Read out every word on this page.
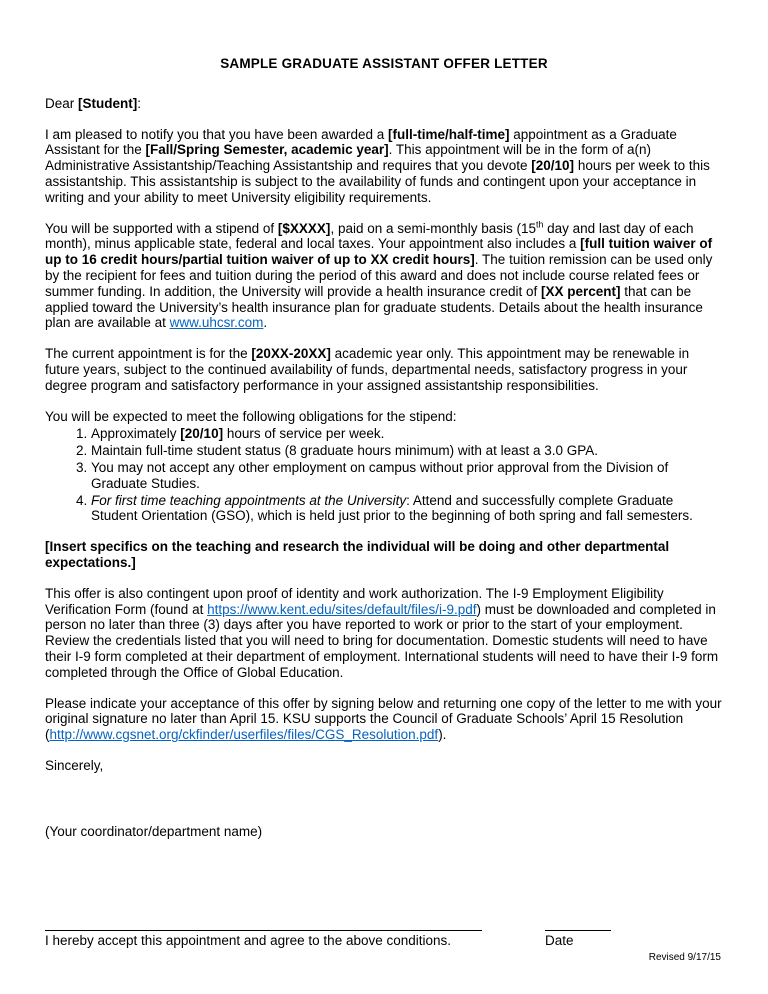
SAMPLE GRADUATE ASSISTANT OFFER LETTER

Dear [Student]:

I am pleased to notify you that you have been awarded a [full-time/half-time] appointment as a Graduate Assistant for the [Fall/Spring Semester, academic year]. This appointment will be in the form of a(n) Administrative Assistantship/Teaching Assistantship and requires that you devote [20/10] hours per week to this assistantship. This assistantship is subject to the availability of funds and contingent upon your acceptance in writing and your ability to meet University eligibility requirements.

You will be supported with a stipend of [$XXXX], paid on a semi-monthly basis (15th day and last day of each month), minus applicable state, federal and local taxes. Your appointment also includes a [full tuition waiver of up to 16 credit hours/partial tuition waiver of up to XX credit hours]. The tuition remission can be used only by the recipient for fees and tuition during the period of this award and does not include course related fees or summer funding. In addition, the University will provide a health insurance credit of [XX percent] that can be applied toward the University’s health insurance plan for graduate students. Details about the health insurance plan are available at www.uhcsr.com.

The current appointment is for the [20XX-20XX] academic year only. This appointment may be renewable in future years, subject to the continued availability of funds, departmental needs, satisfactory progress in your degree program and satisfactory performance in your assigned assistantship responsibilities.

You will be expected to meet the following obligations for the stipend:

1. Approximately [20/10] hours of service per week.
2. Maintain full-time student status (8 graduate hours minimum) with at least a 3.0 GPA.
3. You may not accept any other employment on campus without prior approval from the Division of Graduate Studies.
4. For first time teaching appointments at the University: Attend and successfully complete Graduate Student Orientation (GSO), which is held just prior to the beginning of both spring and fall semesters.

[Insert specifics on the teaching and research the individual will be doing and other departmental expectations.]

This offer is also contingent upon proof of identity and work authorization. The I-9 Employment Eligibility Verification Form (found at https://www.kent.edu/sites/default/files/i-9.pdf) must be downloaded and completed in person no later than three (3) days after you have reported to work or prior to the start of your employment. Review the credentials listed that you will need to bring for documentation. Domestic students will need to have their I-9 form completed at their department of employment. International students will need to have their I-9 form completed through the Office of Global Education.

Please indicate your acceptance of this offer by signing below and returning one copy of the letter to me with your original signature no later than April 15. KSU supports the Council of Graduate Schools’ April 15 Resolution (http://www.cgsnet.org/ckfinder/userfiles/files/CGS_Resolution.pdf).

Sincerely,

(Your coordinator/department name)

I hereby accept this appointment and agree to the above conditions.	Date
Revised 9/17/15
